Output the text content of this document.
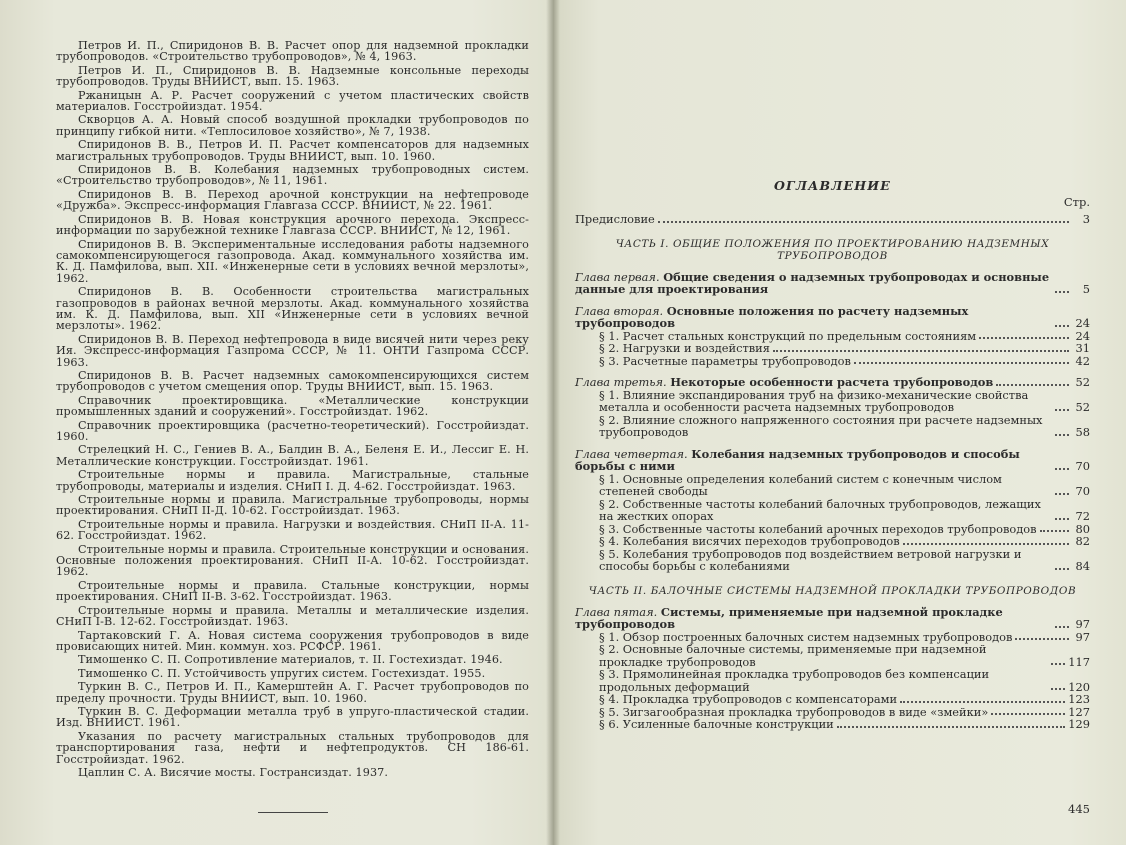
Петров И. П., Спиридонов В. В. Расчет опор для надземной прокладки трубопроводов. «Строительство трубопроводов», № 4, 1963.

Петров И. П., Спиридонов В. В. Надземные консольные переходы трубопроводов. Труды ВНИИСТ, вып. 15. 1963.

Ржаницын А. Р. Расчет сооружений с учетом пластических свойств материалов. Госстройиздат. 1954.

Скворцов А. А. Новый способ воздушной прокладки трубопроводов по принципу гибкой нити. «Теплосиловое хозяйство», № 7, 1938.

Спиридонов В. В., Петров И. П. Расчет компенсаторов для надземных магистральных трубопроводов. Труды ВНИИСТ, вып. 10. 1960.

Спиридонов В. В. Колебания надземных трубопроводных систем. «Строительство трубопроводов», № 11, 1961.

Спиридонов В. В. Переход арочной конструкции на нефтепроводе «Дружба». Экспресс-информация Главгаза СССР. ВНИИСТ, № 22. 1961.

Спиридонов В. В. Новая конструкция арочного перехода. Экспресс-информации по зарубежной технике Главгаза СССР. ВНИИСТ, № 12, 1961.

Спиридонов В. В. Экспериментальные исследования работы надземного самокомпенсирующегося газопровода. Акад. коммунального хозяйства им. К. Д. Памфилова, вып. XII. «Инженерные сети в условиях вечной мерзлоты», 1962.

Спиридонов В. В. Особенности строительства магистральных газопроводов в районах вечной мерзлоты. Акад. коммунального хозяйства им. К. Д. Памфилова, вып. XII «Инженерные сети в условиях вечной мерзлоты». 1962.

Спиридонов В. В. Переход нефтепровода в виде висячей нити через реку Ия. Экспресс-информация Газпрома СССР, № 11. ОНТИ Газпрома СССР. 1963.

Спиридонов В. В. Расчет надземных самокомпенсирующихся систем трубопроводов с учетом смещения опор. Труды ВНИИСТ, вып. 15. 1963.

Справочник проектировщика. «Металлические конструкции промышленных зданий и сооружений». Госстройиздат. 1962.

Справочник проектировщика (расчетно-теоретический). Госстройиздат. 1960.

Стрелецкий Н. С., Гениев В. А., Балдин В. А., Беленя Е. И., Лессиг Е. Н. Металлические конструкции. Госстройиздат. 1961.

Строительные нормы и правила. Магистральные, стальные трубопроводы, материалы и изделия. СНиП I. Д. 4-62. Госстройиздат. 1963.

Строительные нормы и правила. Магистральные трубопроводы, нормы проектирования. СНиП II-Д. 10-62. Госстройиздат. 1963.

Строительные нормы и правила. Нагрузки и воздействия. СНиП II-А. 11-62. Госстройиздат. 1962.

Строительные нормы и правила. Строительные конструкции и основания. Основные положения проектирования. СНиП II-А. 10-62. Госстройиздат. 1962.

Строительные нормы и правила. Стальные конструкции, нормы проектирования. СНиП II-В. 3-62. Госстройиздат. 1963.

Строительные нормы и правила. Металлы и металлические изделия. СНиП I-В. 12-62. Госстройиздат. 1963.

Тартаковский Г. А. Новая система сооружения трубопроводов в виде провисающих нитей. Мин. коммун. хоз. РСФСР. 1961.

Тимошенко С. П. Сопротивление материалов, т. II. Гостехиздат. 1946.

Тимошенко С. П. Устойчивость упругих систем. Гостехиздат. 1955.

Туркин В. С., Петров И. П., Камерштейн А. Г. Расчет трубопроводов по пределу прочности. Труды ВНИИСТ, вып. 10. 1960.

Туркин В. С. Деформации металла труб в упруго-пластической стадии. Изд. ВНИИСТ. 1961.

Указания по расчету магистральных стальных трубопроводов для транспортирования газа, нефти и нефтепродуктов. СН 186-61. Госстройиздат. 1962.

Цаплин С. А. Висячие мосты. Гострансиздат. 1937.

ОГЛАВЛЕНИЕ
Стр.
Предисловие	3
ЧАСТЬ I. ОБЩИЕ ПОЛОЖЕНИЯ ПО ПРОЕКТИРОВАНИЮ НАДЗЕМНЫХ ТРУБОПРОВОДОВ
Глава первая. Общие сведения о надземных трубопроводах и основные данные для проектирования	5
Глава вторая. Основные положения по расчету надземных трубопроводов	24
§ 1. Расчет стальных конструкций по предельным состояниям	24
§ 2. Нагрузки и воздействия	31
§ 3. Расчетные параметры трубопроводов	42
Глава третья. Некоторые особенности расчета трубопроводов	52
§ 1. Влияние экспандирования труб на физико-механические свойства металла и особенности расчета надземных трубопроводов	52
§ 2. Влияние сложного напряженного состояния при расчете надземных трубопроводов	58
Глава четвертая. Колебания надземных трубопроводов и способы борьбы с ними	70
§ 1. Основные определения колебаний систем с конечным числом степеней свободы	70
§ 2. Собственные частоты колебаний балочных трубопроводов, лежащих на жестких опорах	72
§ 3. Собственные частоты колебаний арочных переходов трубопроводов	80
§ 4. Колебания висячих переходов трубопроводов	82
§ 5. Колебания трубопроводов под воздействием ветровой нагрузки и способы борьбы с колебаниями	84
ЧАСТЬ II. БАЛОЧНЫЕ СИСТЕМЫ НАДЗЕМНОЙ ПРОКЛАДКИ ТРУБОПРОВОДОВ
Глава пятая. Системы, применяемые при надземной прокладке трубопроводов	97
§ 1. Обзор построенных балочных систем надземных трубопроводов	97
§ 2. Основные балочные системы, применяемые при надземной прокладке трубопроводов	117
§ 3. Прямолинейная прокладка трубопроводов без компенсации продольных деформаций	120
§ 4. Прокладка трубопроводов с компенсаторами	123
§ 5. Зигзагообразная прокладка трубопроводов в виде «змейки»	127
§ 6. Усиленные балочные конструкции	129
445
